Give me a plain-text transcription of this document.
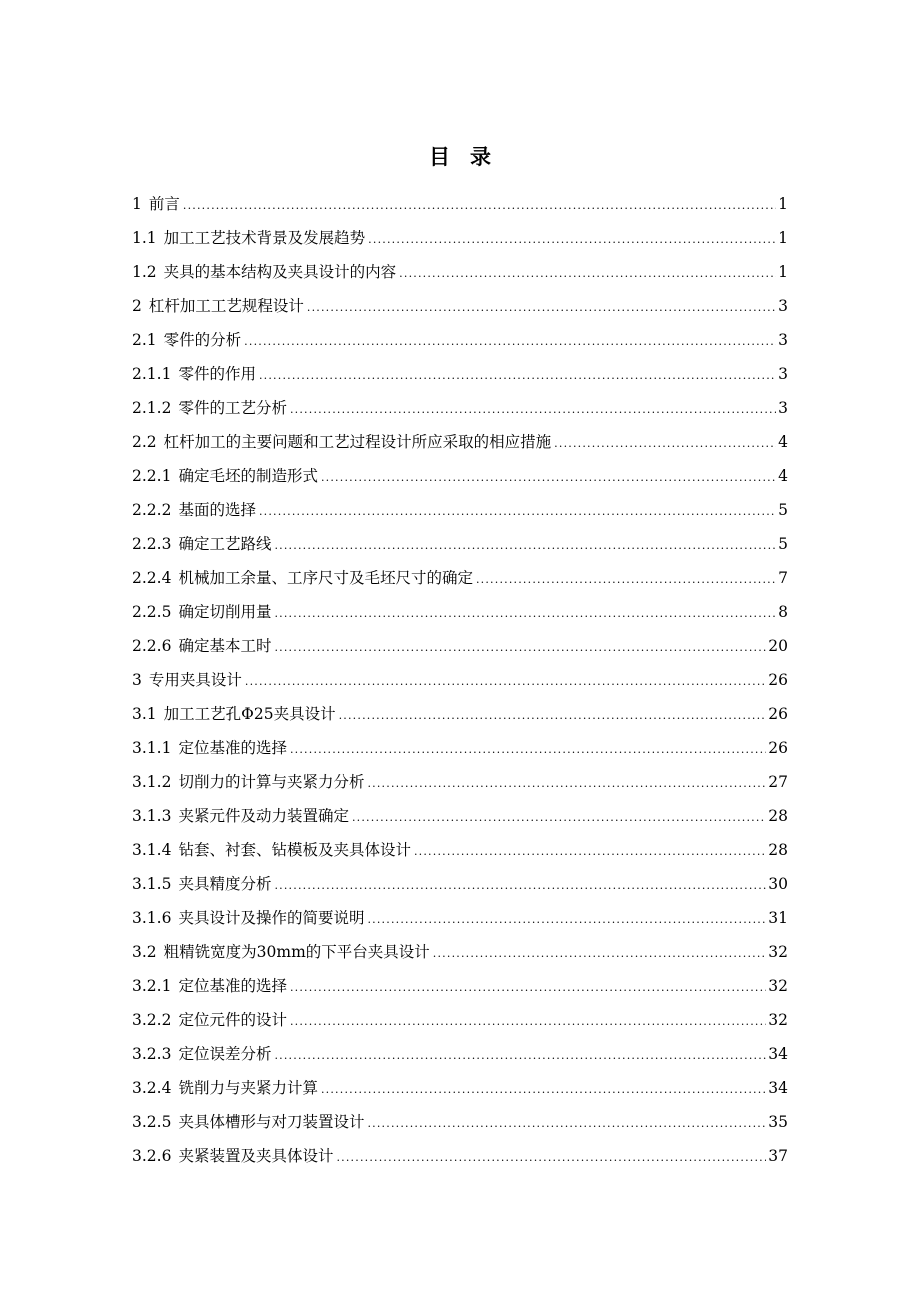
目录
1 前言 .....	1
1.1 加工工艺技术背景及发展趋势 .....	1
1.2 夹具的基本结构及夹具设计的内容 .....	1
2 杠杆加工工艺规程设计 .....	3
2.1 零件的分析 .....	3
2.1.1 零件的作用 .....	3
2.1.2 零件的工艺分析 .....	3
2.2 杠杆加工的主要问题和工艺过程设计所应采取的相应措施 .....	4
2.2.1 确定毛坯的制造形式 .....	4
2.2.2 基面的选择 .....	5
2.2.3 确定工艺路线 .....	5
2.2.4 机械加工余量、工序尺寸及毛坯尺寸的确定 .....	7
2.2.5 确定切削用量 .....	8
2.2.6 确定基本工时 .....	20
3 专用夹具设计 .....	26
3.1 加工工艺孔Φ25夹具设计 .....	26
3.1.1 定位基准的选择 .....	26
3.1.2 切削力的计算与夹紧力分析 .....	27
3.1.3 夹紧元件及动力装置确定 .....	28
3.1.4 钻套、衬套、钻模板及夹具体设计 .....	28
3.1.5 夹具精度分析 .....	30
3.1.6 夹具设计及操作的简要说明 .....	31
3.2 粗精铣宽度为30mm的下平台夹具设计 .....	32
3.2.1 定位基准的选择 .....	32
3.2.2 定位元件的设计 .....	32
3.2.3 定位误差分析 .....	34
3.2.4 铣削力与夹紧力计算 .....	34
3.2.5 夹具体槽形与对刀装置设计 .....	35
3.2.6 夹紧装置及夹具体设计 .....	37
